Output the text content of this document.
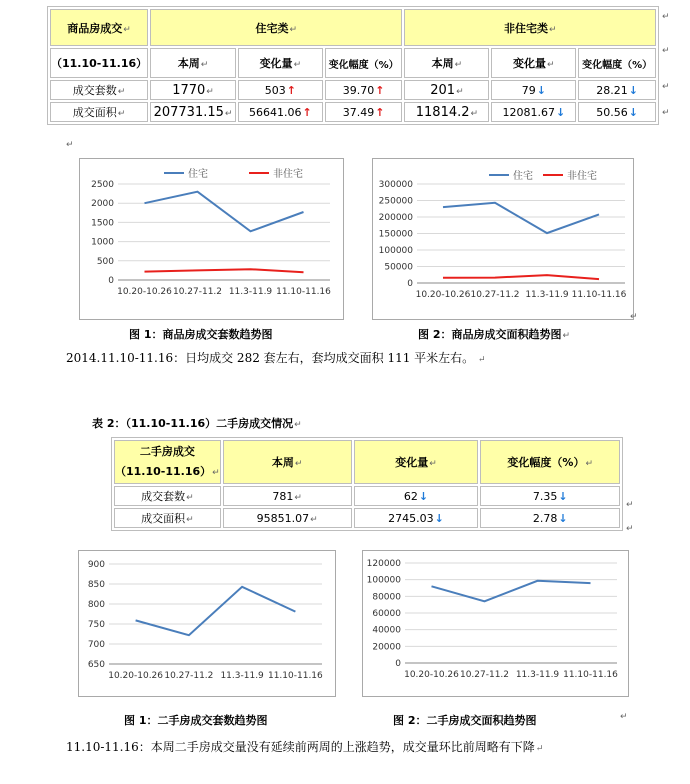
商品房成交↵	住宅类↵			非住宅类↵		
（11.10-11.16）	本周↵	变化量↵	变化幅度（%）	本周↵	变化量↵	变化幅度（%）
成交套数↵	1770↵	503↑	39.70↑	201↵	79↓	28.21↓
成交面积↵	207731.15↵	56641.06↑	37.49↑	11814.2↵	12081.67↓	50.56↓
↵
↵
↵
↵
↵
0
500
1000
1500
2000
2500
10.20-10.26 10.27-11.2 11.3-11.9 11.10-11.16
住宅	非住宅
0
50000
100000
150000
200000
250000
300000
10.20-10.26 10.27-11.2 11.3-11.9 11.10-11.16
住宅	非住宅
图 1：商品房成交套数趋势图	图 2：商品房成交面积趋势图↵
↵
2014.11.10-11.16：日均成交 282 套左右，套均成交面积 111 平米左右。 ↵
表 2：（11.10-11.16）二手房成交情况↵
二手房成交
（11.10-11.16）↵	本周↵	变化量↵	变化幅度（%）↵
成交套数↵	781↵	62↓	7.35↓
成交面积↵	95851.07↵	2745.03↓	2.78↓
↵
↵
650
700
750
800
850
900
10.20-10.26 10.27-11.2 11.3-11.9 11.10-11.16
0
20000
40000
60000
80000
100000
120000
10.20-10.26 10.27-11.2 11.3-11.9 11.10-11.16
图 1：二手房成交套数趋势图	图 2：二手房成交面积趋势图	↵
11.10-11.16：本周二手房成交量没有延续前两周的上涨趋势，成交量环比前周略有下降↵
